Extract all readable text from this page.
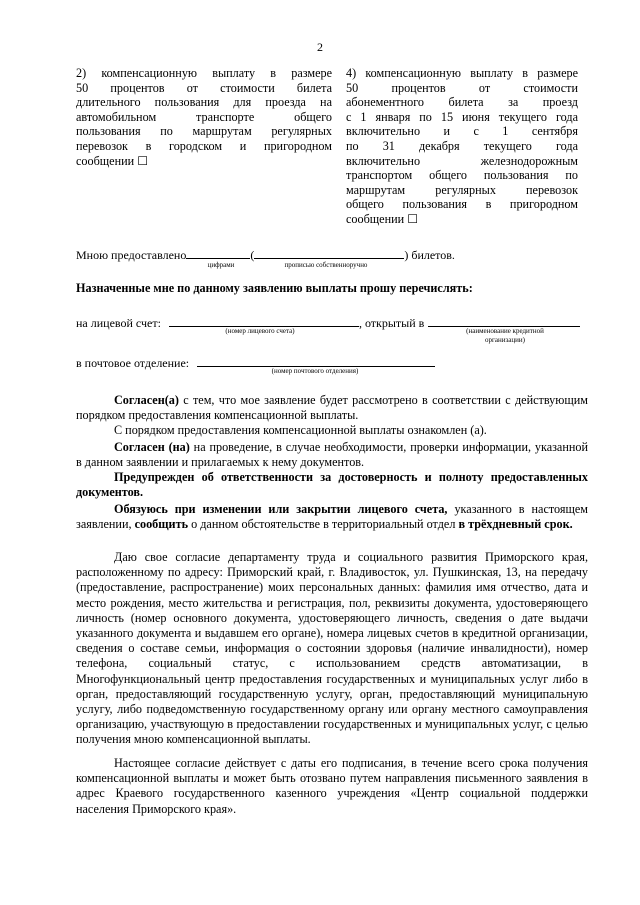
2
2) компенсационную выплату в размере
50 процентов от стоимости билета
длительного пользования для проезда на
автомобильном транспорте общего
пользования по маршрутам регулярных
перевозок в городском и пригородном
сообщении ☐
4) компенсационную выплату в размере
50 процентов от стоимости
абонементного билета за проезд
с 1 января по 15 июня текущего года
включительно и с 1 сентября
по 31 декабря текущего года
включительно железнодорожным
транспортом общего пользования по
маршрутам регулярных перевозок
общего пользования в пригородном
сообщении ☐
Мною предоставлено	(	) билетов.
цифрами	прописью собственноручно
Назначенные мне по данному заявлению выплаты прошу перечислять:
на лицевой счет:	, открытый в
(номер лицевого счета)	(наименование кредитной
организации)
в почтовое отделение:
(номер почтового отделения)

Согласен(а) с тем, что мое заявление будет рассмотрено в соответствии с действующим порядком предоставления компенсационной выплаты.

С порядком предоставления компенсационной выплаты ознакомлен (а).

Согласен (на) на проведение, в случае необходимости, проверки информации, указанной в данном заявлении и прилагаемых к нему документов.

Предупрежден об ответственности за достоверность и полноту предоставленных документов.

Обязуюсь при изменении или закрытии лицевого счета, указанного в настоящем заявлении, сообщить о данном обстоятельстве в территориальный отдел в трёхдневный срок.

Даю свое согласие департаменту труда и социального развития Приморского края, расположенному по адресу: Приморский край, г. Владивосток, ул. Пушкинская, 13, на передачу (предоставление, распространение) моих персональных данных: фамилия имя отчество, дата и место рождения, место жительства и регистрация, пол, реквизиты документа, удостоверяющего личность (номер основного документа, удостоверяющего личность, сведения о дате выдачи указанного документа и выдавшем его органе), номера лицевых счетов в кредитной организации, сведения о составе семьи, информация о состоянии здоровья (наличие инвалидности), номер телефона, социальный статус, с использованием средств автоматизации, в Многофункциональный центр предоставления государственных и муниципальных услуг либо в орган, предоставляющий государственную услугу, орган, предоставляющий муниципальную услугу, либо подведомственную государственному органу или органу местного самоуправления организацию, участвующую в предоставлении государственных и муниципальных услуг, с целью получения мною компенсационной выплаты.

Настоящее согласие действует с даты его подписания, в течение всего срока получения компенсационной выплаты и может быть отозвано путем направления письменного заявления в адрес Краевого государственного казенного учреждения «Центр социальной поддержки населения Приморского края».
